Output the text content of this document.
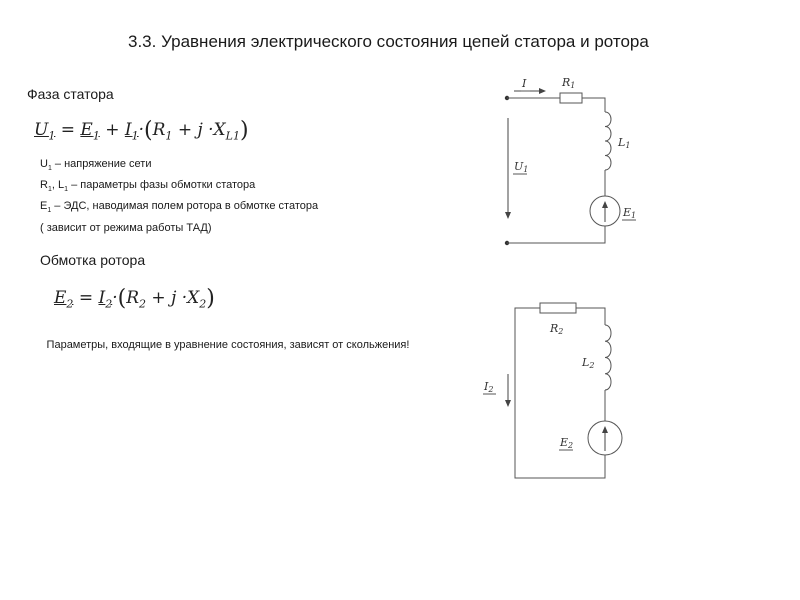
3.3. Уравнения электрического состояния цепей статора и ротора
Фаза статора
$U_1 = E_1 + I_1\cdot(R_1 + j \cdot X_{L1})$
$U_1$ – напряжение сети
$R_1$, $L_1$ – параметры фазы обмотки статора
$E_1$ – ЭДС, наводимая полем ротора в обмотке статора
( зависит от режима работы ТАД)
Обмотка ротора
$E_2 = I_2\cdot(R_2 + j \cdot X_2)$
Параметры, входящие в уравнение состояния, зависят от скольжения!
I	R1
L1
E1
U1
R2
L2
E2
I2
